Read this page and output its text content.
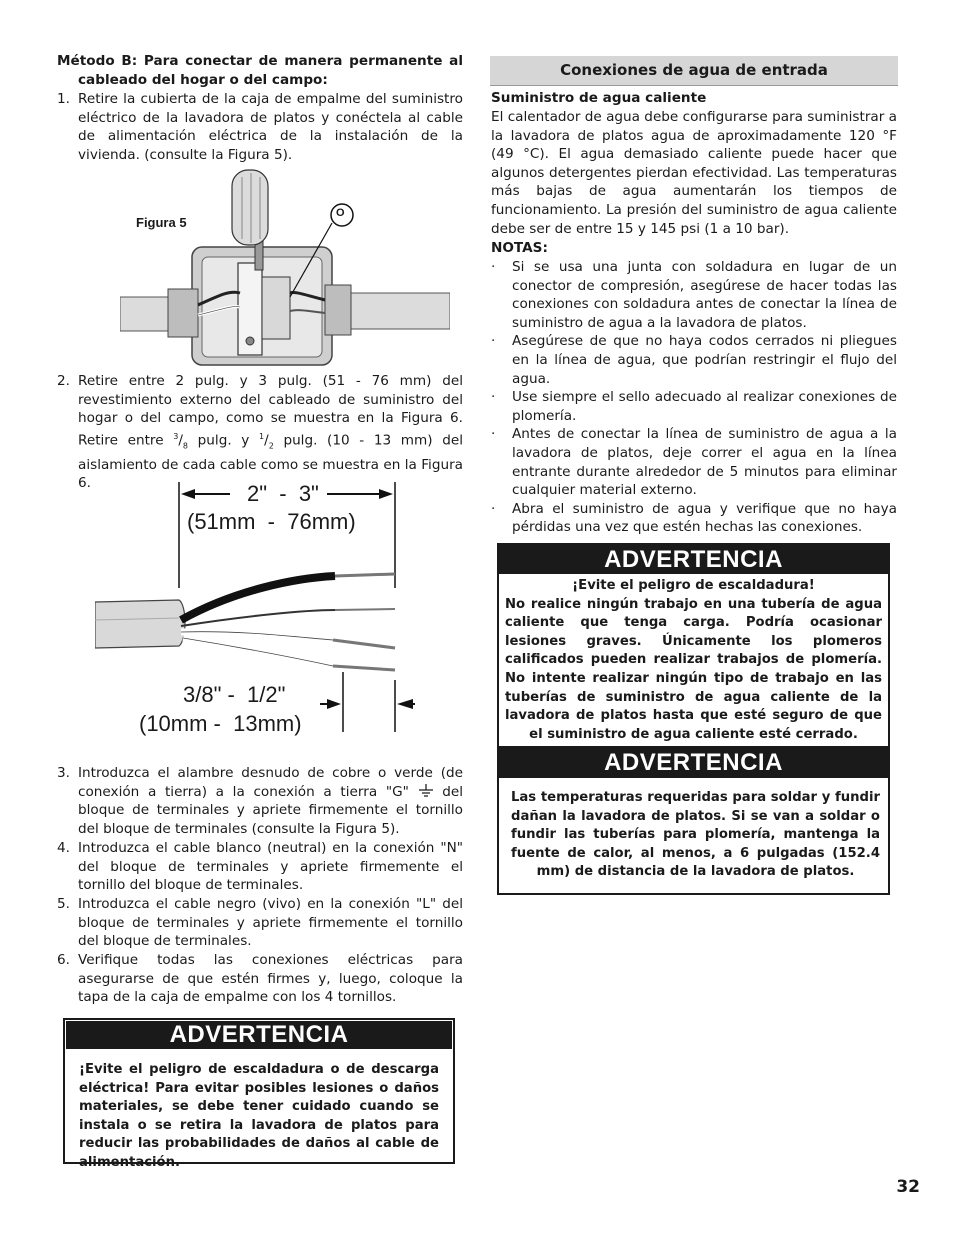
Método B: Para conectar de manera permanente al cableado del hogar o del campo:
1. Retire la cubierta de la caja de empalme del suministro eléctrico de la lavadora de platos y conéctela al cable de alimentación eléctrica de la instalación de la vivienda. (consulte la Figura 5).
Figura 5
O
2. Retire entre 2 pulg. y 3 pulg. (51 - 76 mm) del revestimiento externo del cableado de suministro del hogar o del campo, como se muestra en la Figura 6. Retire entre $^3/_8$ pulg. y $^1/_2$ pulg. (10 - 13 mm) del aislamiento de cada cable como se muestra en la Figura 6.	2"  -  3"
(51mm  -  76mm)
3/8" -  1/2"
(10mm -  13mm)
3. Introduzca el alambre desnudo de cobre o verde (de conexión a tierra) a la conexión a tierra "G" del bloque de terminales y apriete firmemente el tornillo del bloque de terminales (consulte la Figura 5).
4. Introduzca el cable blanco (neutral) en la conexión "N" del bloque de terminales y apriete firmemente el tornillo del bloque de terminales.
5. Introduzca el cable negro (vivo) en la conexión "L" del bloque de terminales y apriete firmemente el tornillo del bloque de terminales.
6. Verifique todas las conexiones eléctricas para asegurarse de que estén firmes y, luego, coloque la tapa de la caja de empalme con los 4 tornillos.
ADVERTENCIA
¡Evite el peligro de escaldadura o de descarga eléctrica! Para evitar posibles lesiones o daños materiales, se debe tener cuidado cuando se instala o se retira la lavadora de platos para reducir las probabilidades de daños al cable de alimentación.
Conexiones de agua de entrada
Suministro de agua caliente
El calentador de agua debe configurarse para suministrar a la lavadora de platos agua de aproximadamente 120 °F (49 °C). El agua demasiado caliente puede hacer que algunos detergentes pierdan efectividad. Las temperaturas más bajas de agua aumentarán los tiempos de funcionamiento. La presión del suministro de agua caliente debe ser de entre 15 y 145 psi (1 a 10 bar).
NOTAS:
· Si se usa una junta con soldadura en lugar de un conector de compresión, asegúrese de hacer todas las conexiones con soldadura antes de conectar la línea de suministro de agua a la lavadora de platos.
· Asegúrese de que no haya codos cerrados ni pliegues en la línea de agua, que podrían restringir el flujo del agua.
· Use siempre el sello adecuado al realizar conexiones de plomería.
· Antes de conectar la línea de suministro de agua a la lavadora de platos, deje correr el agua en la línea entrante durante alrededor de 5 minutos para eliminar cualquier material externo.
· Abra el suministro de agua y verifique que no haya pérdidas una vez que estén hechas las conexiones.
ADVERTENCIA
¡Evite el peligro de escaldadura!
No realice ningún trabajo en una tubería de agua caliente que tenga carga. Podría ocasionar lesiones graves. Únicamente los plomeros calificados pueden realizar trabajos de plomería. No intente realizar ningún tipo de trabajo en las tuberías de suministro de agua caliente de la lavadora de platos hasta que esté seguro de que el suministro de agua caliente esté cerrado.
ADVERTENCIA
Las temperaturas requeridas para soldar y fundir dañan la lavadora de platos. Si se van a soldar o fundir las tuberías para plomería, mantenga la fuente de calor, al menos, a 6 pulgadas (152.4 mm) de distancia de la lavadora de platos.
32
